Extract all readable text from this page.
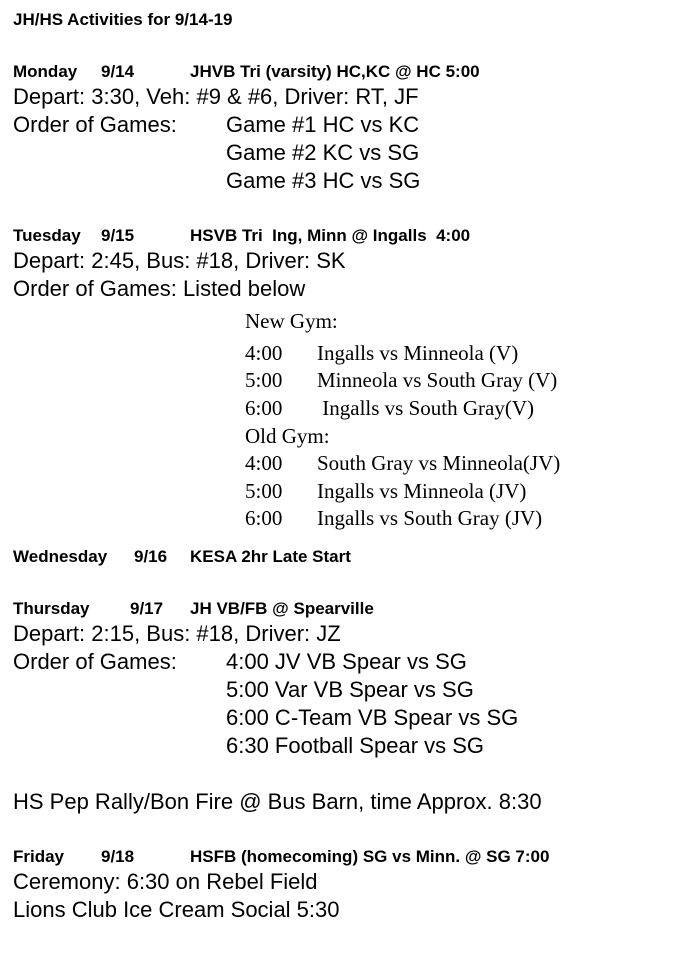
JH/HS Activities for 9/14-19
Monday 9/14	JHVB Tri (varsity) HC,KC @ HC 5:00
Depart: 3:30, Veh: #9 & #6, Driver: RT, JF
Order of Games: Game #1 HC vs KC
Game #2 KC vs SG
Game #3 HC vs SG
Tuesday 9/15	HSVB Tri  Ing, Minn @ Ingalls  4:00
Depart: 2:45, Bus: #18, Driver: SK
Order of Games: Listed below
New Gym:
4:00 Ingalls vs Minneola (V)
5:00 Minneola vs South Gray (V)
6:00 Ingalls vs South Gray(V)
Old Gym:
4:00 South Gray vs Minneola(JV)
5:00 Ingalls vs Minneola (JV)
6:00 Ingalls vs South Gray (JV)
Wednesday 9/16 KESA 2hr Late Start
Thursday 9/17 JH VB/FB @ Spearville
Depart: 2:15, Bus: #18, Driver: JZ
Order of Games: 4:00 JV VB Spear vs SG
5:00 Var VB Spear vs SG
6:00 C-Team VB Spear vs SG
6:30 Football Spear vs SG
HS Pep Rally/Bon Fire @ Bus Barn, time Approx. 8:30
Friday 9/18	HSFB (homecoming) SG vs Minn. @ SG 7:00
Ceremony: 6:30 on Rebel Field
Lions Club Ice Cream Social 5:30
